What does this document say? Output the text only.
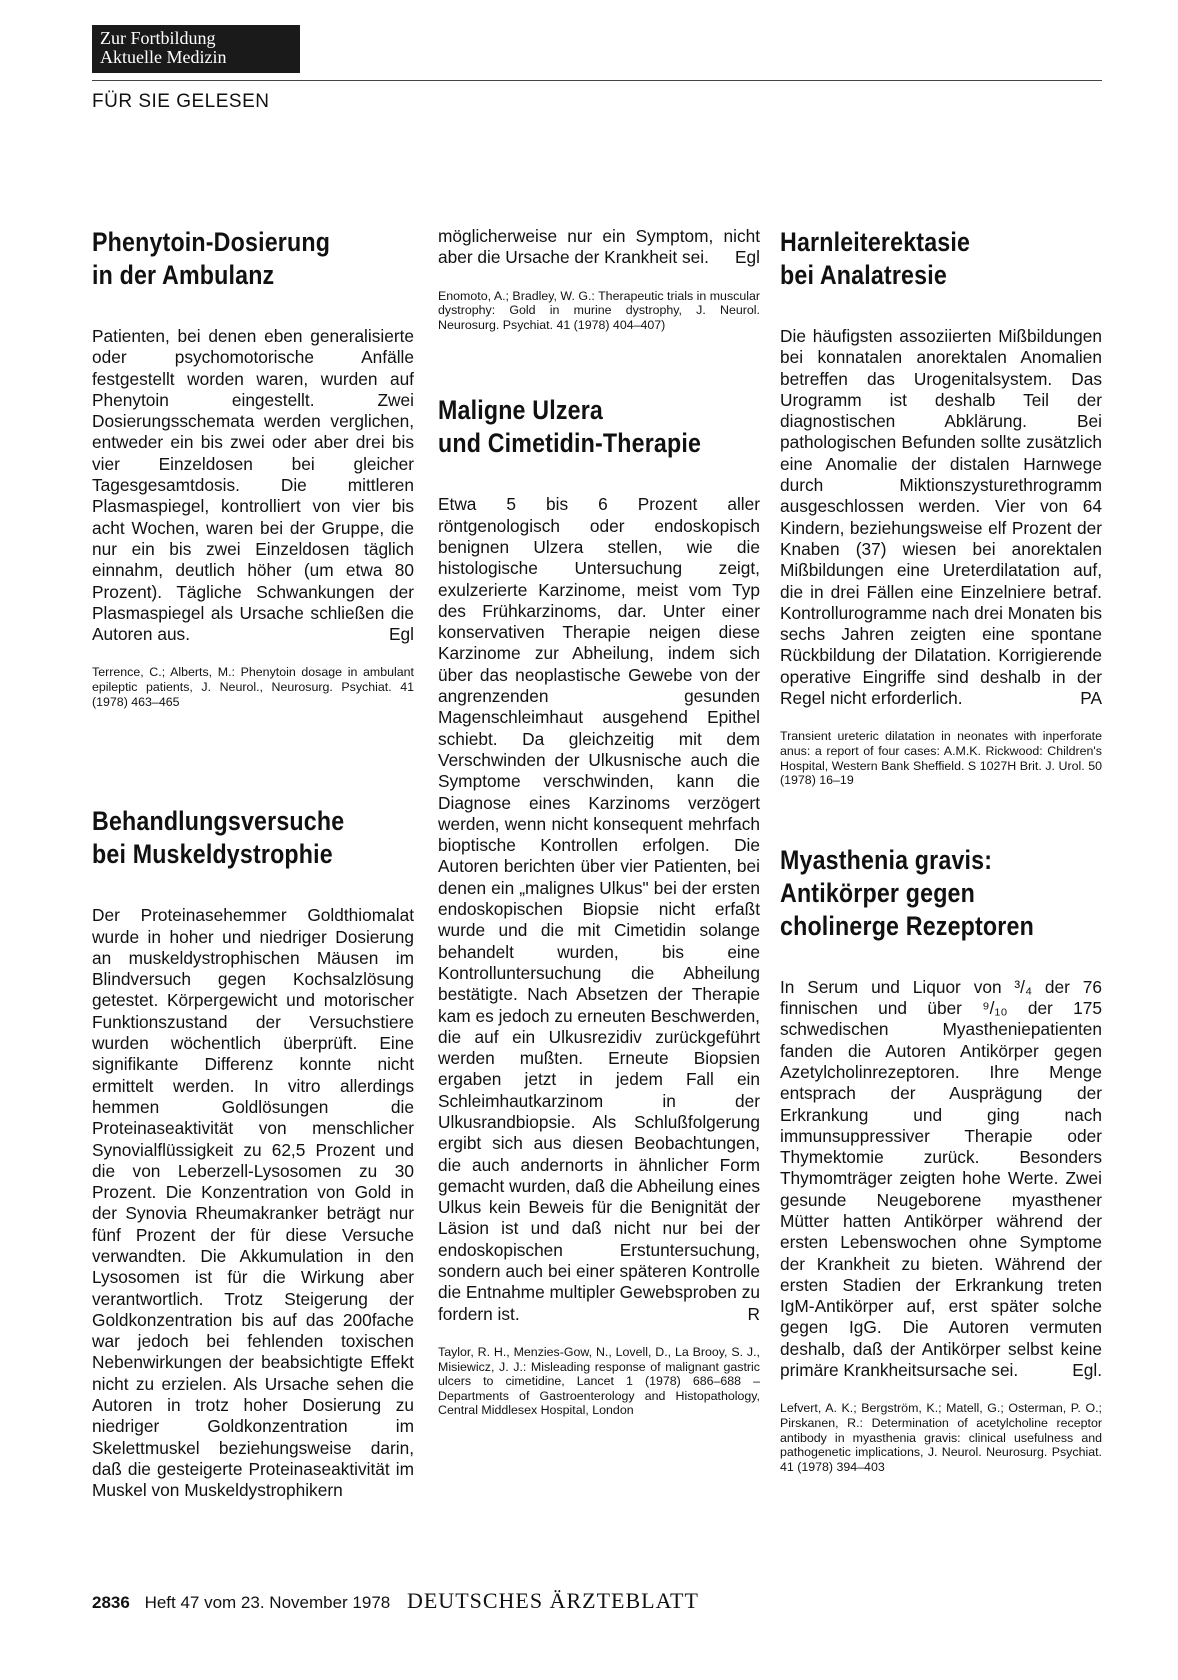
Zur Fortbildung
Aktuelle Medizin
FÜR SIE GELESEN
Phenytoin-Dosierung
in der Ambulanz

Patienten, bei denen eben generalisierte oder psychomotorische Anfälle festgestellt worden waren, wurden auf Phenytoin eingestellt. Zwei Dosierungsschemata werden verglichen, entweder ein bis zwei oder aber drei bis vier Einzeldosen bei gleicher Tagesgesamtdosis. Die mittleren Plasmaspiegel, kontrolliert von vier bis acht Wochen, waren bei der Gruppe, die nur ein bis zwei Einzeldosen täglich einnahm, deutlich höher (um etwa 80 Prozent). Tägliche Schwankungen der Plasmaspiegel als Ursache schließen die Autoren aus.	Egl

Terrence, C.; Alberts, M.: Phenytoin dosage in ambulant epileptic patients, J. Neurol., Neurosurg. Psychiat. 41 (1978) 463–465

Behandlungsversuche
bei Muskeldystrophie

Der Proteinasehemmer Goldthiomalat wurde in hoher und niedriger Dosierung an muskeldystrophischen Mäusen im Blindversuch gegen Kochsalzlösung getestet. Körpergewicht und motorischer Funktionszustand der Versuchstiere wurden wöchentlich überprüft. Eine signifikante Differenz konnte nicht ermittelt werden. In vitro allerdings hemmen Goldlösungen die Proteinaseaktivität von menschlicher Synovialflüssigkeit zu 62,5 Prozent und die von Leberzell-Lysosomen zu 30 Prozent. Die Konzentration von Gold in der Synovia Rheumakranker beträgt nur fünf Prozent der für diese Versuche verwandten. Die Akkumulation in den Lysosomen ist für die Wirkung aber verantwortlich. Trotz Steigerung der Goldkonzentration bis auf das 200fache war jedoch bei fehlenden toxischen Nebenwirkungen der beabsichtigte Effekt nicht zu erzielen. Als Ursache sehen die Autoren in trotz hoher Dosierung zu niedriger Goldkonzentration im Skelettmuskel beziehungsweise darin, daß die gesteigerte Proteinaseaktivität im Muskel von Muskeldystrophikern

möglicherweise nur ein Symptom, nicht aber die Ursache der Krankheit sei. Egl

Enomoto, A.; Bradley, W. G.: Therapeutic trials in muscular dystrophy: Gold in murine dystrophy, J. Neurol. Neurosurg. Psychiat. 41 (1978) 404–407)

Maligne Ulzera
und Cimetidin-Therapie

Etwa 5 bis 6 Prozent aller röntgenologisch oder endoskopisch benignen Ulzera stellen, wie die histologische Untersuchung zeigt, exulzerierte Karzinome, meist vom Typ des Frühkarzinoms, dar. Unter einer konservativen Therapie neigen diese Karzinome zur Abheilung, indem sich über das neoplastische Gewebe von der angrenzenden gesunden Magenschleimhaut ausgehend Epithel schiebt. Da gleichzeitig mit dem Verschwinden der Ulkusnische auch die Symptome verschwinden, kann die Diagnose eines Karzinoms verzögert werden, wenn nicht konsequent mehrfach bioptische Kontrollen erfolgen. Die Autoren berichten über vier Patienten, bei denen ein „malignes Ulkus" bei der ersten endoskopischen Biopsie nicht erfaßt wurde und die mit Cimetidin solange behandelt wurden, bis eine Kontrolluntersuchung die Abheilung bestätigte. Nach Absetzen der Therapie kam es jedoch zu erneuten Beschwerden, die auf ein Ulkusrezidiv zurückgeführt werden mußten. Erneute Biopsien ergaben jetzt in jedem Fall ein Schleimhautkarzinom in der Ulkusrandbiopsie. Als Schlußfolgerung ergibt sich aus diesen Beobachtungen, die auch andernorts in ähnlicher Form gemacht wurden, daß die Abheilung eines Ulkus kein Beweis für die Benignität der Läsion ist und daß nicht nur bei der endoskopischen Erstuntersuchung, sondern auch bei einer späteren Kontrolle die Entnahme multipler Gewebsproben zu fordern ist.	R

Taylor, R. H., Menzies-Gow, N., Lovell, D., La Brooy, S. J., Misiewicz, J. J.: Misleading response of malignant gastric ulcers to cimetidine, Lancet 1 (1978) 686–688 – Departments of Gastroenterology and Histopathology, Central Middlesex Hospital, London

Harnleiterektasie
bei Analatresie

Die häufigsten assoziierten Mißbildungen bei konnatalen anorektalen Anomalien betreffen das Urogenitalsystem. Das Urogramm ist deshalb Teil der diagnostischen Abklärung. Bei pathologischen Befunden sollte zusätzlich eine Anomalie der distalen Harnwege durch Miktionszysturethrogramm ausgeschlossen werden. Vier von 64 Kindern, beziehungsweise elf Prozent der Knaben (37) wiesen bei anorektalen Mißbildungen eine Ureterdilatation auf, die in drei Fällen eine Einzelniere betraf. Kontrollurogramme nach drei Monaten bis sechs Jahren zeigten eine spontane Rückbildung der Dilatation. Korrigierende operative Eingriffe sind deshalb in der Regel nicht erforderlich.	PA

Transient ureteric dilatation in neonates with inperforate anus: a report of four cases: A.M.K. Rickwood: Children's Hospital, Western Bank Sheffield. S 1027H Brit. J. Urol. 50 (1978) 16–19

Myasthenia gravis:
Antikörper gegen
cholinerge Rezeptoren

In Serum und Liquor von ³/₄ der 76 finnischen und über ⁹/₁₀ der 175 schwedischen Myastheniepatienten fanden die Autoren Antikörper gegen Azetylcholinrezeptoren. Ihre Menge entsprach der Ausprägung der Erkrankung und ging nach immunsuppressiver Therapie oder Thymektomie zurück. Besonders Thymomträger zeigten hohe Werte. Zwei gesunde Neugeborene myasthener Mütter hatten Antikörper während der ersten Lebenswochen ohne Symptome der Krankheit zu bieten. Während der ersten Stadien der Erkrankung treten IgM-Antikörper auf, erst später solche gegen IgG. Die Autoren vermuten deshalb, daß der Antikörper selbst keine primäre Krankheitsursache sei.	Egl.

Lefvert, A. K.; Bergström, K.; Matell, G.; Osterman, P. O.; Pirskanen, R.: Determination of acetylcholine receptor antibody in myasthenia gravis: clinical usefulness and pathogenetic implications, J. Neurol. Neurosurg. Psychiat. 41 (1978) 394–403

2836 Heft 47 vom 23. November 1978 DEUTSCHES ÄRZTEBLATT
